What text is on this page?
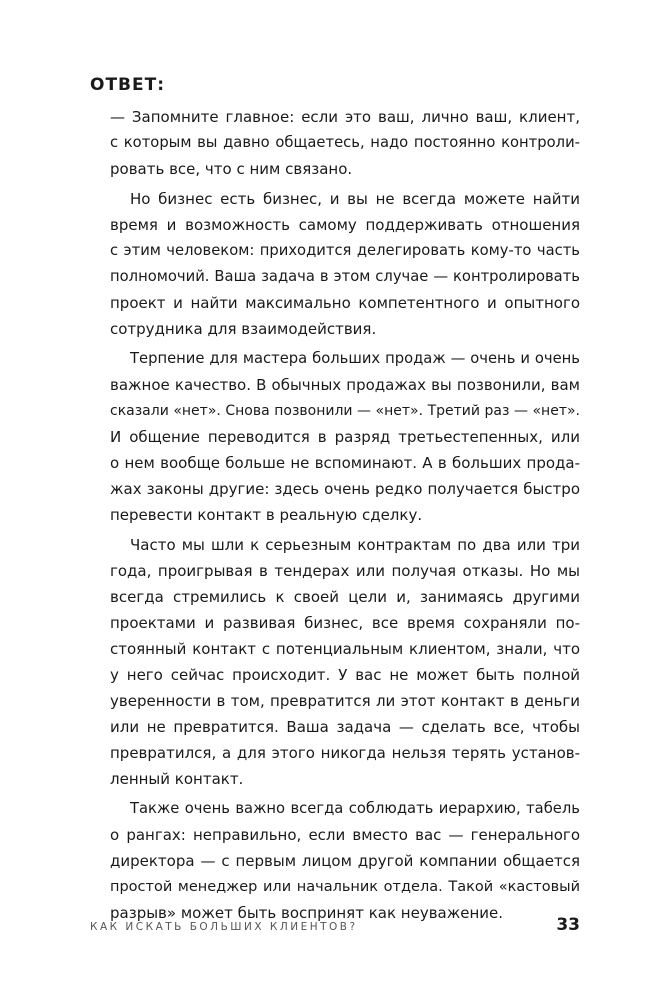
ОТВЕТ:
— Запомните главное: если это ваш, лично ваш, клиент,
с которым вы давно общаетесь, надо постоянно контроли-
ровать все, что с ним связано.
Но бизнес есть бизнес, и вы не всегда можете найти
время и возможность самому поддерживать отношения
с этим человеком: приходится делегировать кому-то часть
полномочий. Ваша задача в этом случае — контролировать
проект и найти максимально компетентного и опытного
сотрудника для взаимодействия.
Терпение для мастера больших продаж — очень и очень
важное качество. В обычных продажах вы позвонили, вам
сказали «нет». Снова позвонили — «нет». Третий раз — «нет».
И общение переводится в разряд третьестепенных, или
о нем вообще больше не вспоминают. А в больших прода-
жах законы другие: здесь очень редко получается быстро
перевести контакт в реальную сделку.
Часто мы шли к серьезным контрактам по два или три
года, проигрывая в тендерах или получая отказы. Но мы
всегда стремились к своей цели и, занимаясь другими
проектами и развивая бизнес, все время сохраняли по-
стоянный контакт с потенциальным клиентом, знали, что
у него сейчас происходит. У вас не может быть полной
уверенности в том, превратится ли этот контакт в деньги
или не превратится. Ваша задача — сделать все, чтобы
превратился, а для этого никогда нельзя терять установ-
ленный контакт.
Также очень важно всегда соблюдать иерархию, табель
о рангах: неправильно, если вместо вас — генерального
директора — с первым лицом другой компании общается
простой менеджер или начальник отдела. Такой «кастовый
разрыв» может быть воспринят как неуважение.
КАК ИСКАТЬ БОЛЬШИХ КЛИЕНТОВ?	33
